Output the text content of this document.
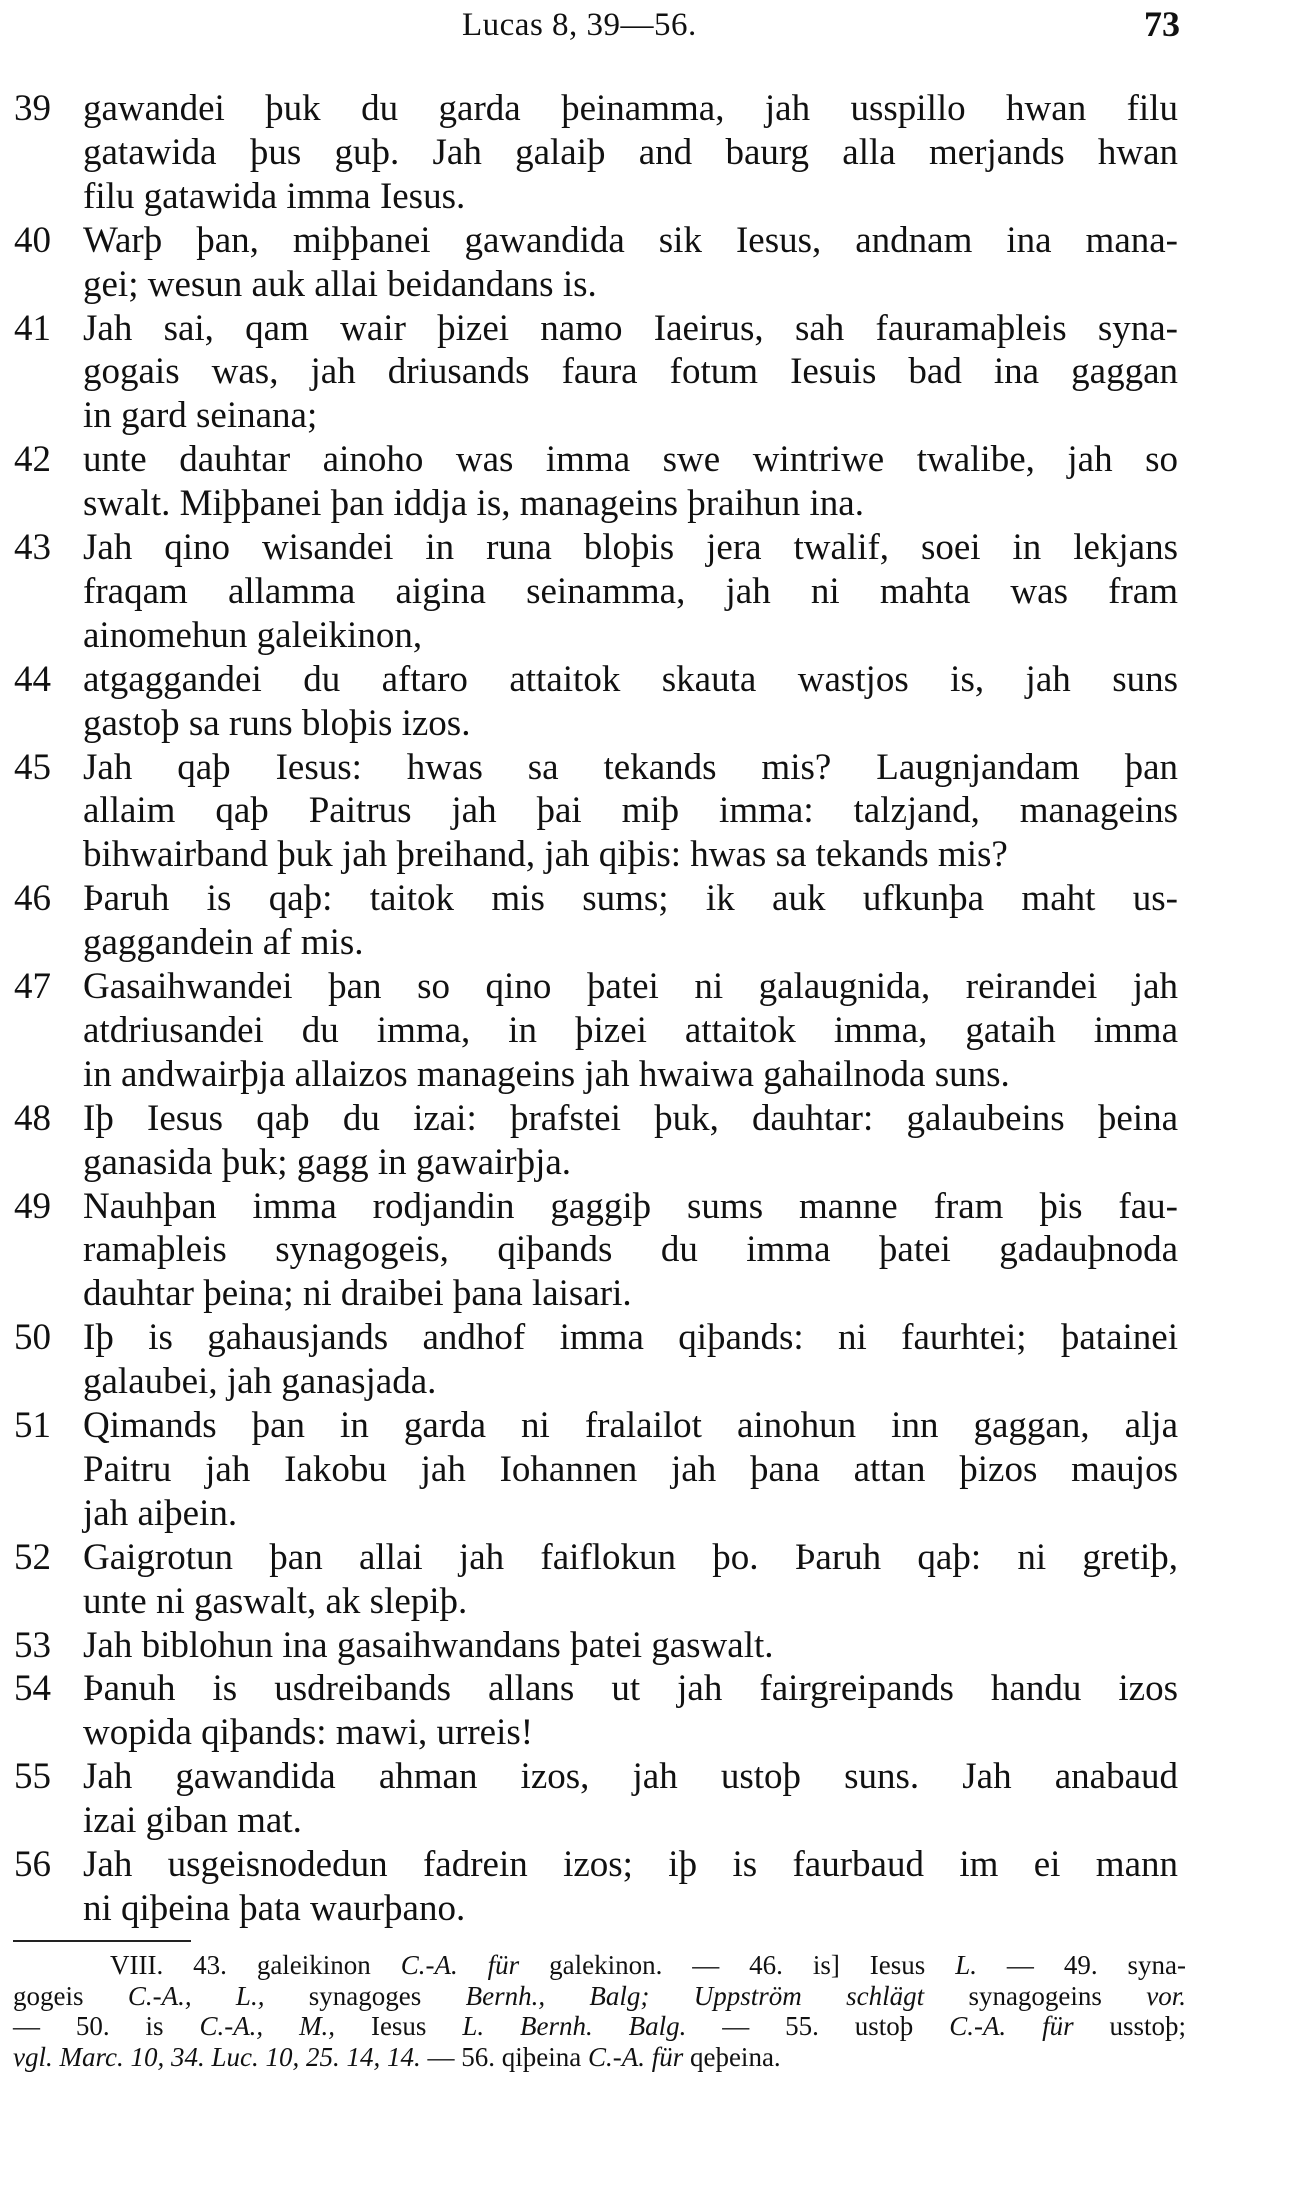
Lucas 8, 39—56.	73
39 gawandei þuk du garda þeinamma, jah usspillo hwan filu
gatawida þus guþ. Jah galaiþ and baurg alla merjands hwan
filu gatawida imma Iesus.
40 Warþ þan, miþþanei gawandida sik Iesus, andnam ina mana-
gei; wesun auk allai beidandans is.
41 Jah sai, qam wair þizei namo Iaeirus, sah fauramaþleis syna-
gogais was, jah driusands faura fotum Iesuis bad ina gaggan
in gard seinana;
42 unte dauhtar ainoho was imma swe wintriwe twalibe, jah so
swalt. Miþþanei þan iddja is, manageins þraihun ina.
43 Jah qino wisandei in runa bloþis jera twalif, soei in lekjans
fraqam allamma aigina seinamma, jah ni mahta was fram
ainomehun galeikinon,
44 atgaggandei du aftaro attaitok skauta wastjos is, jah suns
gastoþ sa runs bloþis izos.
45 Jah qaþ Iesus: hwas sa tekands mis? Laugnjandam þan
allaim qaþ Paitrus jah þai miþ imma: talzjand, manageins
bihwairband þuk jah þreihand, jah qiþis: hwas sa tekands mis?
46 Þaruh is qaþ: taitok mis sums; ik auk ufkunþa maht us-
gaggandein af mis.
47 Gasaihwandei þan so qino þatei ni galaugnida, reirandei jah
atdriusandei du imma, in þizei attaitok imma, gataih imma
in andwairþja allaizos manageins jah hwaiwa gahailnoda suns.
48 Iþ Iesus qaþ du izai: þrafstei þuk, dauhtar: galaubeins þeina
ganasida þuk; gagg in gawairþja.
49 Nauhþan imma rodjandin gaggiþ sums manne fram þis fau-
ramaþleis synagogeis, qiþands du imma þatei gadauþnoda
dauhtar þeina; ni draibei þana laisari.
50 Iþ is gahausjands andhof imma qiþands: ni faurhtei; þatainei
galaubei, jah ganasjada.
51 Qimands þan in garda ni fralailot ainohun inn gaggan, alja
Paitru jah Iakobu jah Iohannen jah þana attan þizos maujos
jah aiþein.
52 Gaigrotun þan allai jah faiflokun þo. Þaruh qaþ: ni gretiþ,
unte ni gaswalt, ak slepiþ.
53 Jah biblohun ina gasaihwandans þatei gaswalt.
54 Þanuh is usdreibands allans ut jah fairgreipands handu izos
wopida qiþands: mawi, urreis!
55 Jah gawandida ahman izos, jah ustoþ suns. Jah anabaud
izai giban mat.
56 Jah usgeisnodedun fadrein izos; iþ is faurbaud im ei mann
ni qiþeina þata waurþano.
VIII. 43. galeikinon C.-A. für galekinon. — 46. is] Iesus L. — 49. syna-
gogeis C.-A., L., synagoges Bernh., Balg; Uppström schlägt synagogeins vor.
— 50. is C.-A., M., Iesus L. Bernh. Balg. — 55. ustoþ C.-A. für usstoþ;
vgl. Marc. 10, 34. Luc. 10, 25. 14, 14. — 56. qiþeina C.-A. für qeþeina.
